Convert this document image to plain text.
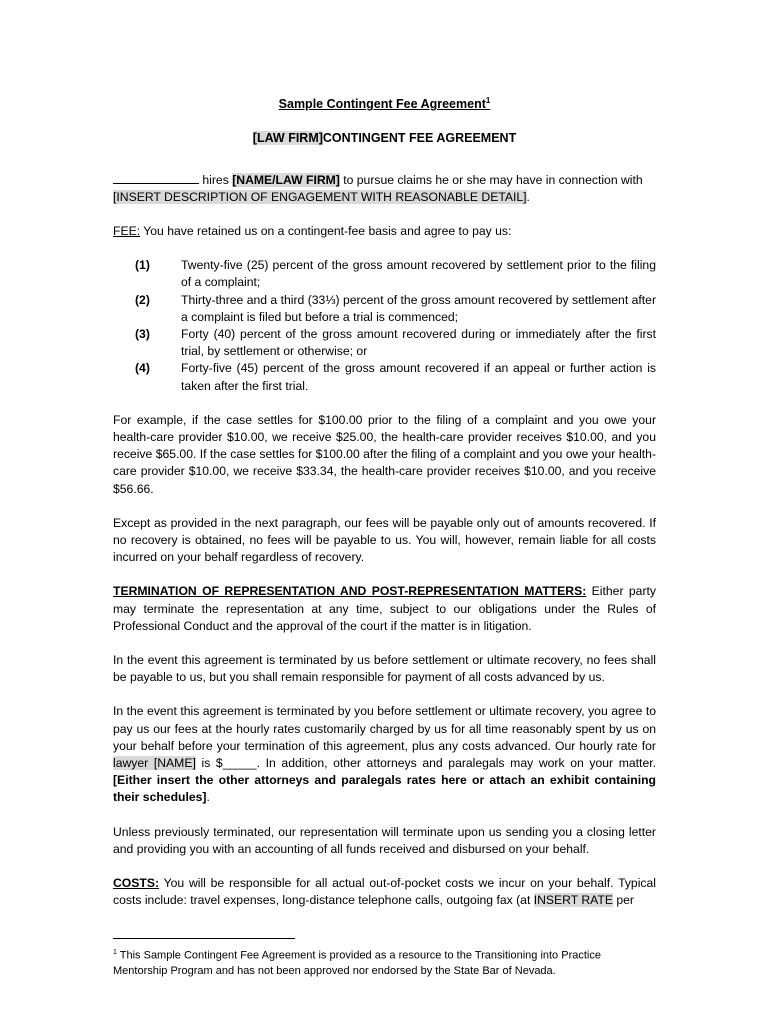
Sample Contingent Fee Agreement$^1$

[LAW FIRM]CONTINGENT FEE AGREEMENT

hires [NAME/LAW FIRM] to pursue claims he or she may have in connection with [INSERT DESCRIPTION OF ENGAGEMENT WITH REASONABLE DETAIL].

FEE: You have retained us on a contingent-fee basis and agree to pay us:

(1)	Twenty-five (25) percent of the gross amount recovered by settlement prior to the filing of a complaint;
(2)	Thirty-three and a third (33⅓) percent of the gross amount recovered by settlement after a complaint is filed but before a trial is commenced;
(3)	Forty (40) percent of the gross amount recovered during or immediately after the first trial, by settlement or otherwise; or
(4)	Forty-five (45) percent of the gross amount recovered if an appeal or further action is taken after the first trial.

For example, if the case settles for $100.00 prior to the filing of a complaint and you owe your health-care provider $10.00, we receive $25.00, the health-care provider receives $10.00, and you receive $65.00. If the case settles for $100.00 after the filing of a complaint and you owe your health-care provider $10.00, we receive $33.34, the health-care provider receives $10.00, and you receive $56.66.

Except as provided in the next paragraph, our fees will be payable only out of amounts recovered. If no recovery is obtained, no fees will be payable to us. You will, however, remain liable for all costs incurred on your behalf regardless of recovery.

TERMINATION OF REPRESENTATION AND POST-REPRESENTATION MATTERS: Either party may terminate the representation at any time, subject to our obligations under the Rules of Professional Conduct and the approval of the court if the matter is in litigation.

In the event this agreement is terminated by us before settlement or ultimate recovery, no fees shall be payable to us, but you shall remain responsible for payment of all costs advanced by us.

In the event this agreement is terminated by you before settlement or ultimate recovery, you agree to pay us our fees at the hourly rates customarily charged by us for all time reasonably spent by us on your behalf before your termination of this agreement, plus any costs advanced. Our hourly rate for lawyer [NAME] is $_____. In addition, other attorneys and paralegals may work on your matter. [Either insert the other attorneys and paralegals rates here or attach an exhibit containing their schedules].

Unless previously terminated, our representation will terminate upon us sending you a closing letter and providing you with an accounting of all funds received and disbursed on your behalf.

COSTS: You will be responsible for all actual out-of-pocket costs we incur on your behalf. Typical costs include: travel expenses, long-distance telephone calls, outgoing fax (at INSERT RATE per

$^1$ This Sample Contingent Fee Agreement is provided as a resource to the Transitioning into Practice Mentorship Program and has not been approved nor endorsed by the State Bar of Nevada.
